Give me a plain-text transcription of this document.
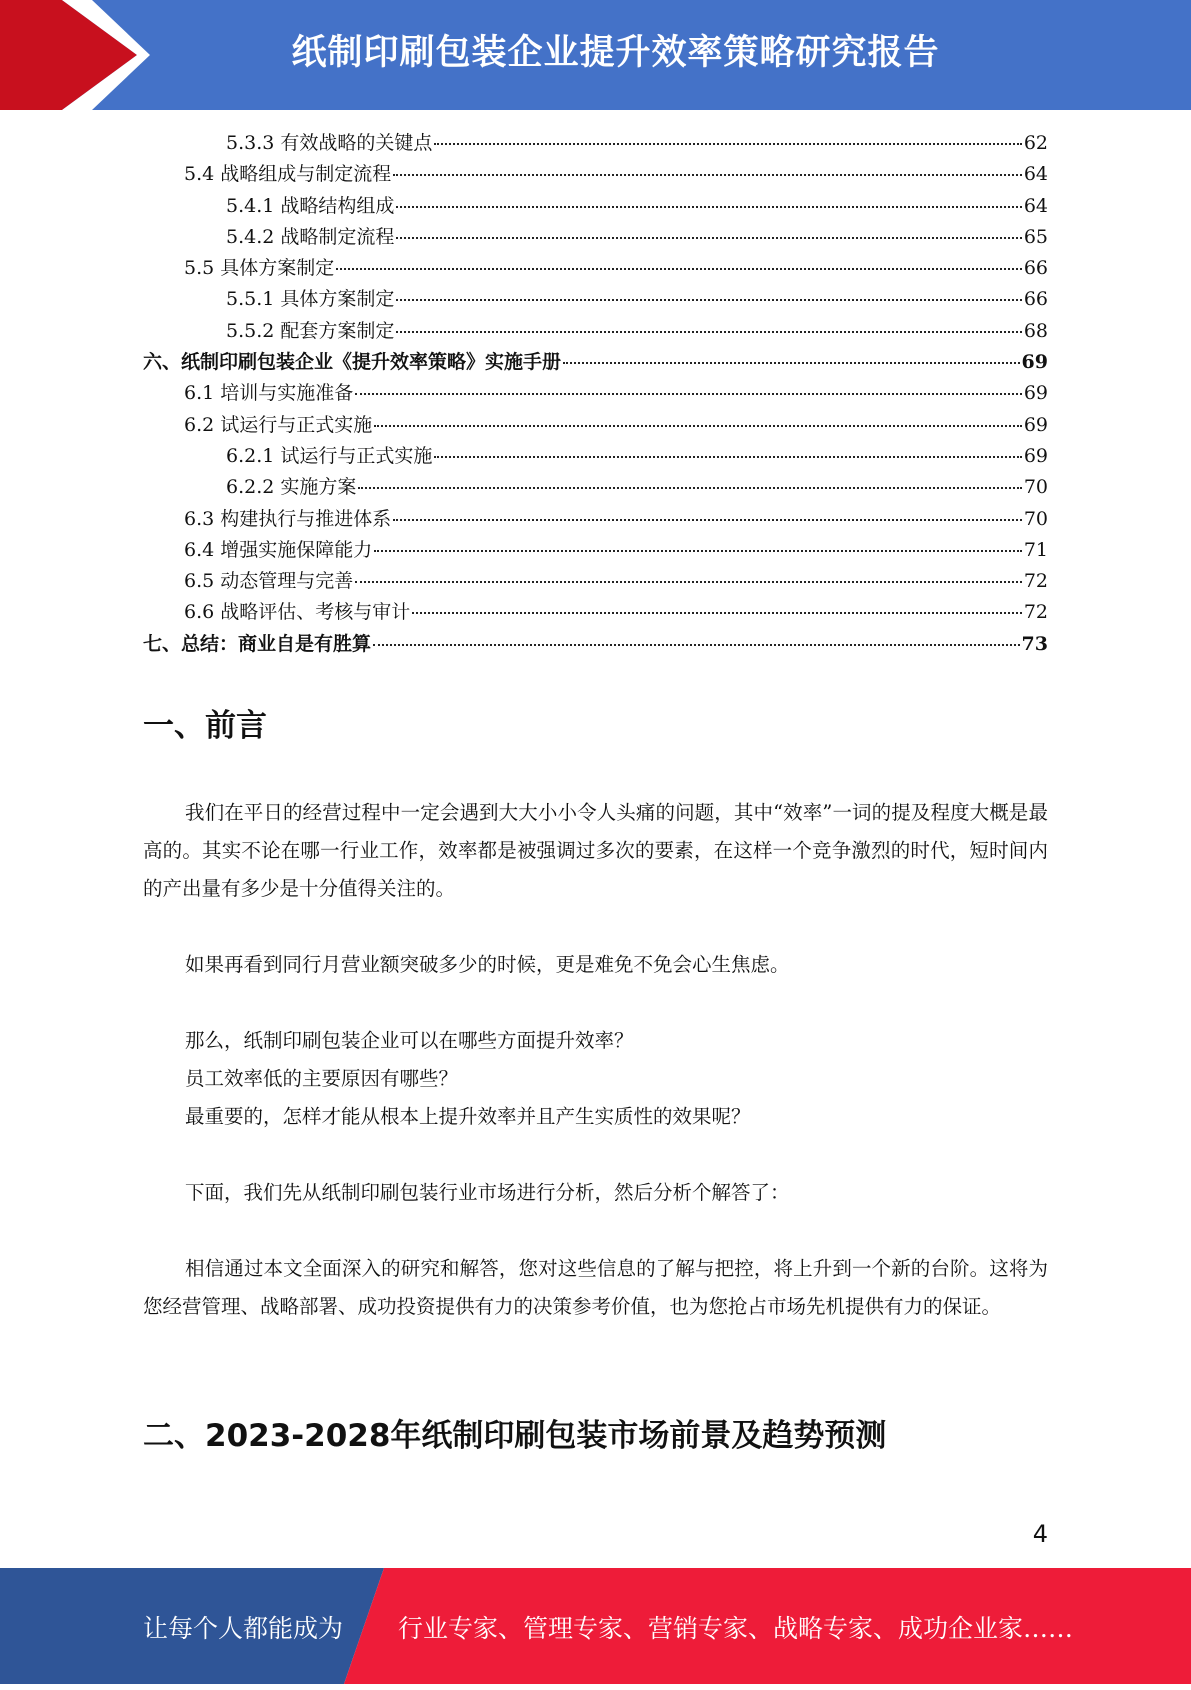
纸制印刷包装企业提升效率策略研究报告
5.3.3 有效战略的关键点	62
5.4 战略组成与制定流程	64
5.4.1 战略结构组成	64
5.4.2 战略制定流程	65
5.5 具体方案制定	66
5.5.1 具体方案制定	66
5.5.2 配套方案制定	68
六、纸制印刷包装企业《提升效率策略》实施手册	69
6.1 培训与实施准备	69
6.2 试运行与正式实施	69
6.2.1 试运行与正式实施	69
6.2.2 实施方案	70
6.3 构建执行与推进体系	70
6.4 增强实施保障能力	71
6.5 动态管理与完善	72
6.6 战略评估、考核与审计	72
七、总结：商业自是有胜算	73
一、前言
我们在平日的经营过程中一定会遇到大大小小令人头痛的问题，其中“效率”一词的提及程度大概是最高的。其实不论在哪一行业工作，效率都是被强调过多次的要素，在这样一个竞争激烈的时代，短时间内的产出量有多少是十分值得关注的。
如果再看到同行月营业额突破多少的时候，更是难免不免会心生焦虑。
那么，纸制印刷包装企业可以在哪些方面提升效率？
员工效率低的主要原因有哪些？
最重要的，怎样才能从根本上提升效率并且产生实质性的效果呢？
下面，我们先从纸制印刷包装行业市场进行分析，然后分析个解答了：
相信通过本文全面深入的研究和解答，您对这些信息的了解与把控，将上升到一个新的台阶。这将为您经营管理、战略部署、成功投资提供有力的决策参考价值，也为您抢占市场先机提供有力的保证。
二、2023-2028年纸制印刷包装市场前景及趋势预测
4
让每个人都能成为 行业专家、管理专家、营销专家、战略专家、成功企业家……
